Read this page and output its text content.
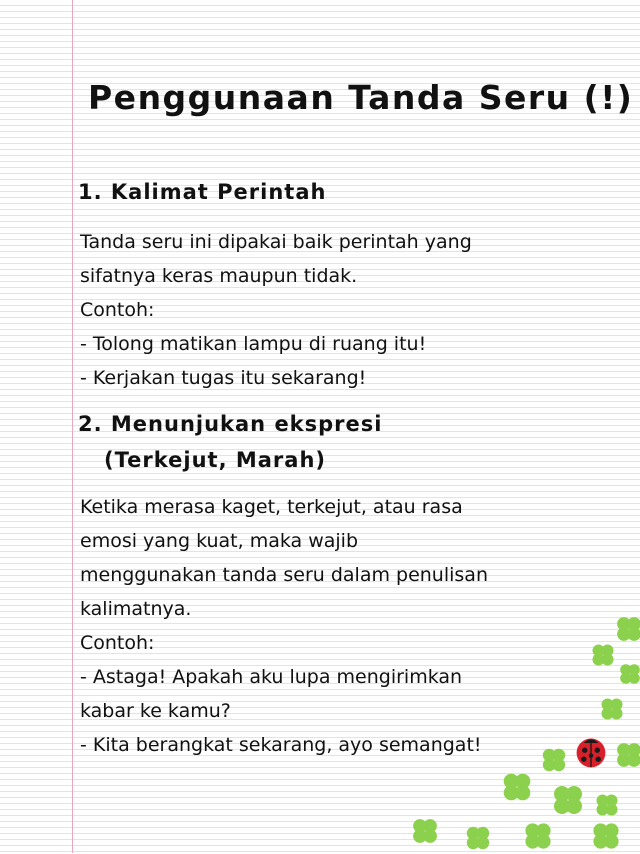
Penggunaan Tanda Seru (!)
1. Kalimat Perintah
Tanda seru ini dipakai baik perintah yang
sifatnya keras maupun tidak.
Contoh:
- Tolong matikan lampu di ruang itu!
- Kerjakan tugas itu sekarang!
2. Menunjukan ekspresi
(Terkejut, Marah)
Ketika merasa kaget, terkejut, atau rasa
emosi yang kuat, maka wajib
menggunakan tanda seru dalam penulisan
kalimatnya.
Contoh:
- Astaga! Apakah aku lupa mengirimkan
kabar ke kamu?
- Kita berangkat sekarang, ayo semangat!
